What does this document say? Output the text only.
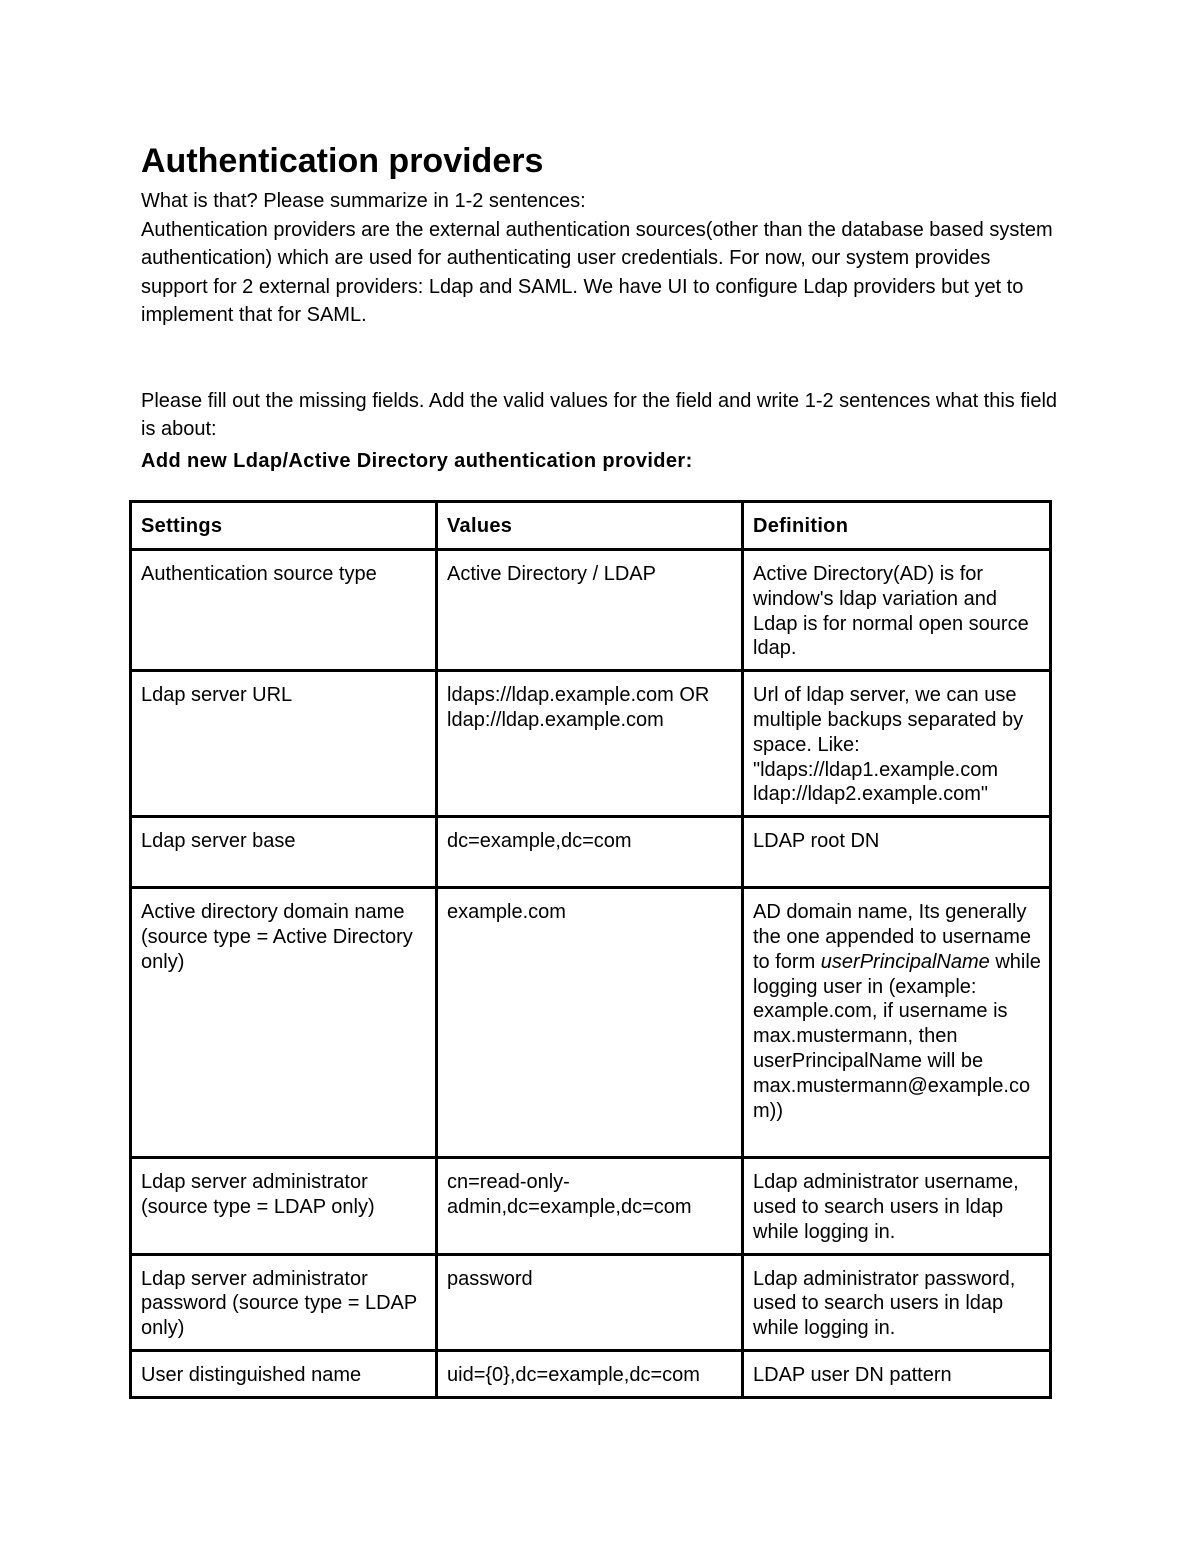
Authentication providers

What is that? Please summarize in 1-2 sentences:

Authentication providers are the external authentication sources(other than the database based system authentication) which are used for authenticating user credentials. For now, our system provides support for 2 external providers: Ldap and SAML. We have UI to configure Ldap providers but yet to implement that for SAML.

Please fill out the missing fields. Add the valid values for the field and write 1-2 sentences what this field is about:

Add new Ldap/Active Directory authentication provider:

Settings	Values	Definition
Authentication source type	Active Directory / LDAP	Active Directory(AD) is for window's ldap variation and Ldap is for normal open source ldap.
Ldap server URL	ldaps://ldap.example.com OR ldap://ldap.example.com	Url of ldap server, we can use multiple backups separated by space. Like: "ldaps://ldap1.example.com ldap://ldap2.example.com"
Ldap server base	dc=example,dc=com	LDAP root DN
Active directory domain name (source type = Active Directory only)	example.com	AD domain name, Its generally the one appended to username to form userPrincipalName while logging user in (example: example.com, if username is max.mustermann, then userPrincipalName will be max.mustermann@example.com))
Ldap server administrator (source type = LDAP only)	cn=read-only-admin,dc=example,dc=com	Ldap administrator username, used to search users in ldap while logging in.
Ldap server administrator password (source type = LDAP only)	password	Ldap administrator password, used to search users in ldap while logging in.
User distinguished name	uid={0},dc=example,dc=com	LDAP user DN pattern
